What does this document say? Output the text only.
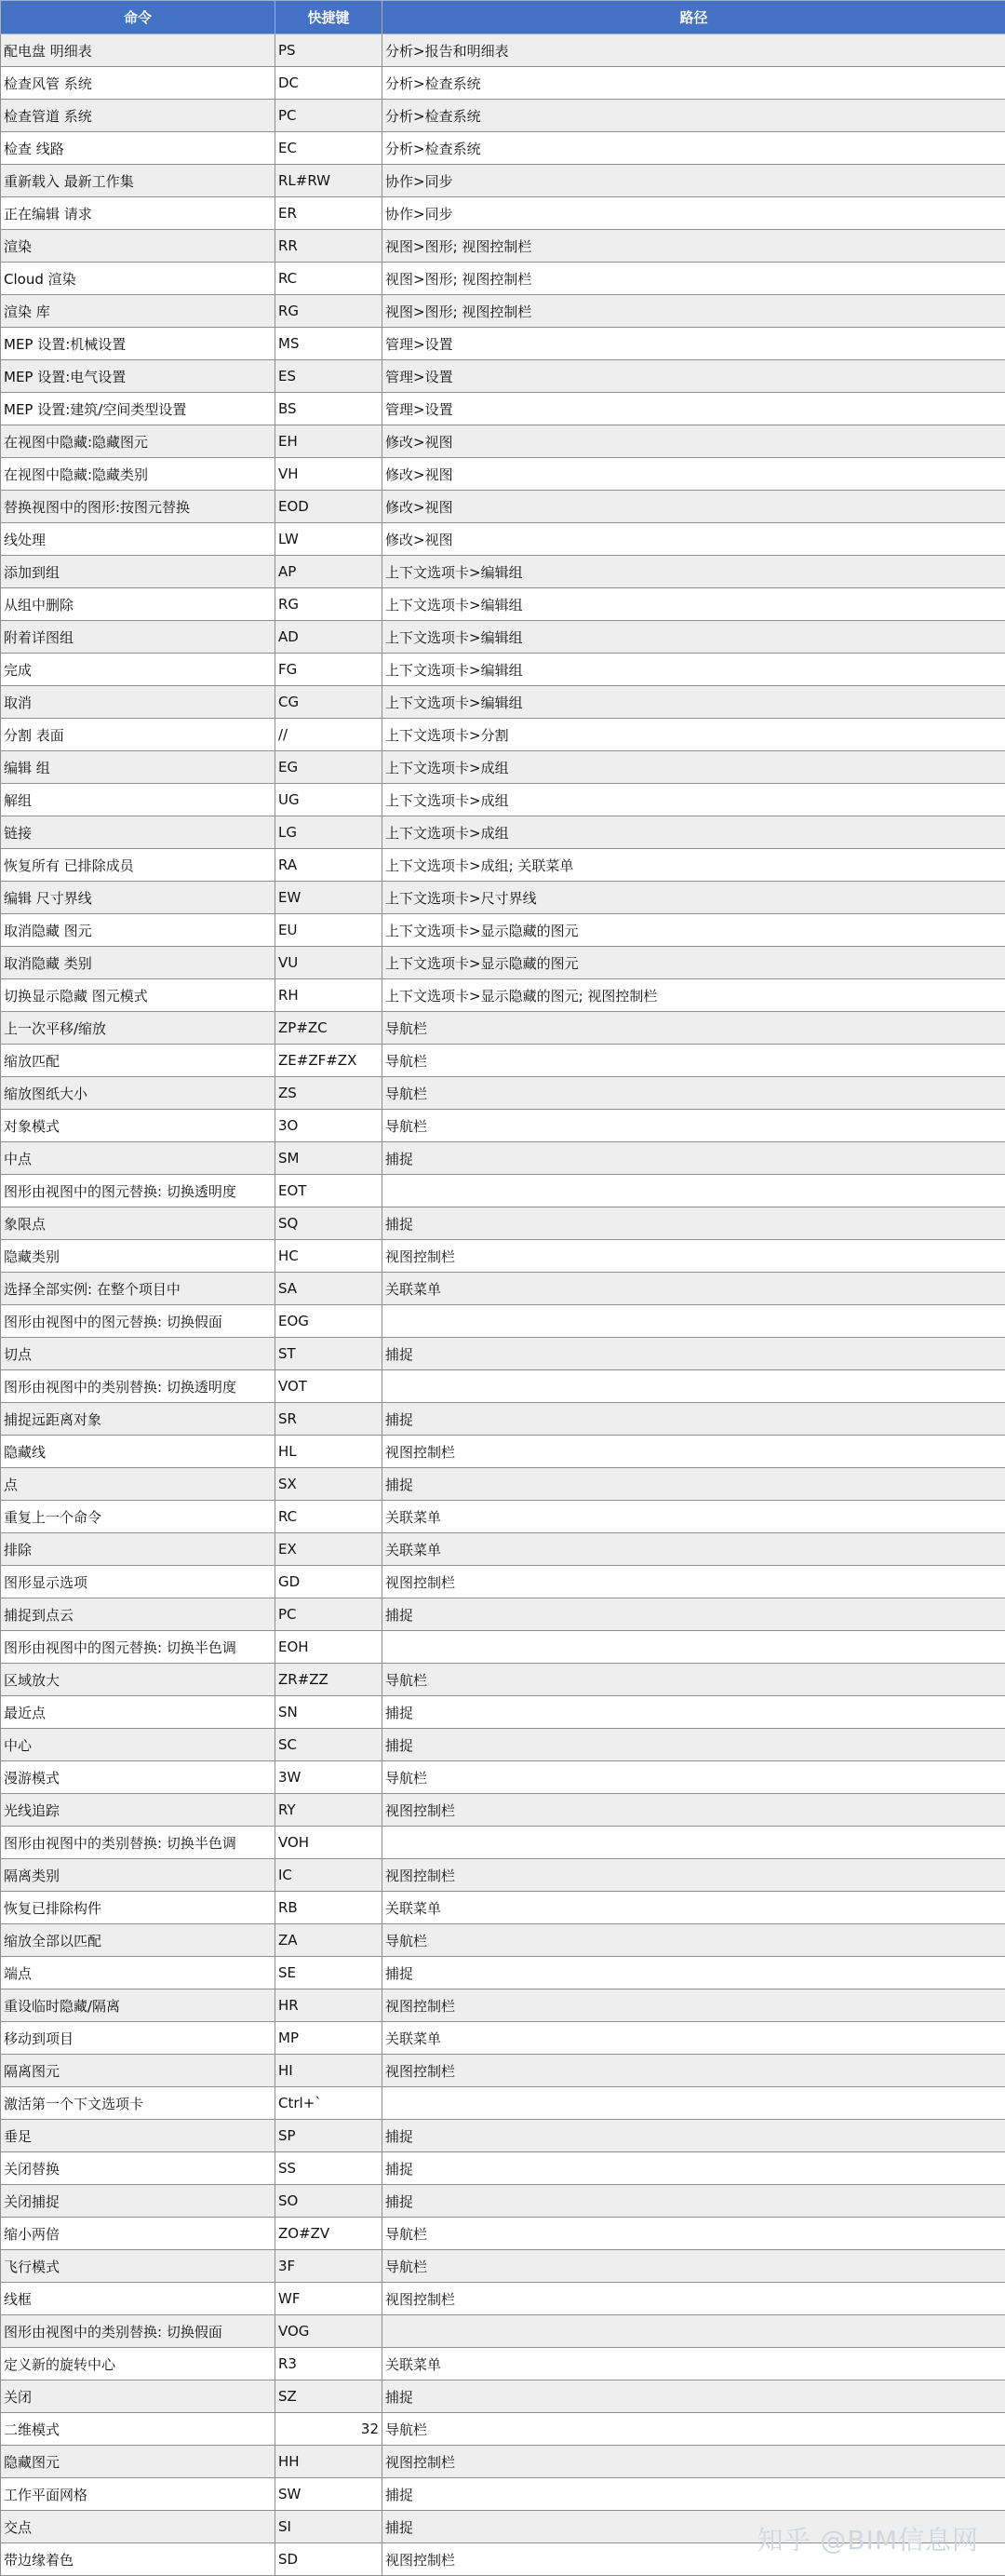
命令	快捷键	路径
配电盘 明细表	PS	分析>报告和明细表
检查风管 系统	DC	分析>检查系统
检查管道 系统	PC	分析>检查系统
检查 线路	EC	分析>检查系统
重新载入 最新工作集	RL#RW	协作>同步
正在编辑 请求	ER	协作>同步
渲染	RR	视图>图形; 视图控制栏
Cloud 渲染	RC	视图>图形; 视图控制栏
渲染 库	RG	视图>图形; 视图控制栏
MEP 设置:机械设置	MS	管理>设置
MEP 设置:电气设置	ES	管理>设置
MEP 设置:建筑/空间类型设置	BS	管理>设置
在视图中隐藏:隐藏图元	EH	修改>视图
在视图中隐藏:隐藏类别	VH	修改>视图
替换视图中的图形:按图元替换	EOD	修改>视图
线处理	LW	修改>视图
添加到组	AP	上下文选项卡>编辑组
从组中删除	RG	上下文选项卡>编辑组
附着详图组	AD	上下文选项卡>编辑组
完成	FG	上下文选项卡>编辑组
取消	CG	上下文选项卡>编辑组
分割 表面	//	上下文选项卡>分割
编辑 组	EG	上下文选项卡>成组
解组	UG	上下文选项卡>成组
链接	LG	上下文选项卡>成组
恢复所有 已排除成员	RA	上下文选项卡>成组; 关联菜单
编辑 尺寸界线	EW	上下文选项卡>尺寸界线
取消隐藏 图元	EU	上下文选项卡>显示隐藏的图元
取消隐藏 类别	VU	上下文选项卡>显示隐藏的图元
切换显示隐藏 图元模式	RH	上下文选项卡>显示隐藏的图元; 视图控制栏
上一次平移/缩放	ZP#ZC	导航栏
缩放匹配	ZE#ZF#ZX	导航栏
缩放图纸大小	ZS	导航栏
对象模式	3O	导航栏
中点	SM	捕捉
图形由视图中的图元替换: 切换透明度	EOT	
象限点	SQ	捕捉
隐藏类别	HC	视图控制栏
选择全部实例: 在整个项目中	SA	关联菜单
图形由视图中的图元替换: 切换假面	EOG	
切点	ST	捕捉
图形由视图中的类别替换: 切换透明度	VOT	
捕捉远距离对象	SR	捕捉
隐藏线	HL	视图控制栏
点	SX	捕捉
重复上一个命令	RC	关联菜单
排除	EX	关联菜单
图形显示选项	GD	视图控制栏
捕捉到点云	PC	捕捉
图形由视图中的图元替换: 切换半色调	EOH	
区域放大	ZR#ZZ	导航栏
最近点	SN	捕捉
中心	SC	捕捉
漫游模式	3W	导航栏
光线追踪	RY	视图控制栏
图形由视图中的类别替换: 切换半色调	VOH	
隔离类别	IC	视图控制栏
恢复已排除构件	RB	关联菜单
缩放全部以匹配	ZA	导航栏
端点	SE	捕捉
重设临时隐藏/隔离	HR	视图控制栏
移动到项目	MP	关联菜单
隔离图元	HI	视图控制栏
激活第一个下文选项卡	Ctrl+`	
垂足	SP	捕捉
关闭替换	SS	捕捉
关闭捕捉	SO	捕捉
缩小两倍	ZO#ZV	导航栏
飞行模式	3F	导航栏
线框	WF	视图控制栏
图形由视图中的类别替换: 切换假面	VOG	
定义新的旋转中心	R3	关联菜单
关闭	SZ	捕捉
二维模式	32	导航栏
隐藏图元	HH	视图控制栏
工作平面网格	SW	捕捉
交点	SI	捕捉
带边缘着色	SD	视图控制栏
知乎 @BIM信息网
